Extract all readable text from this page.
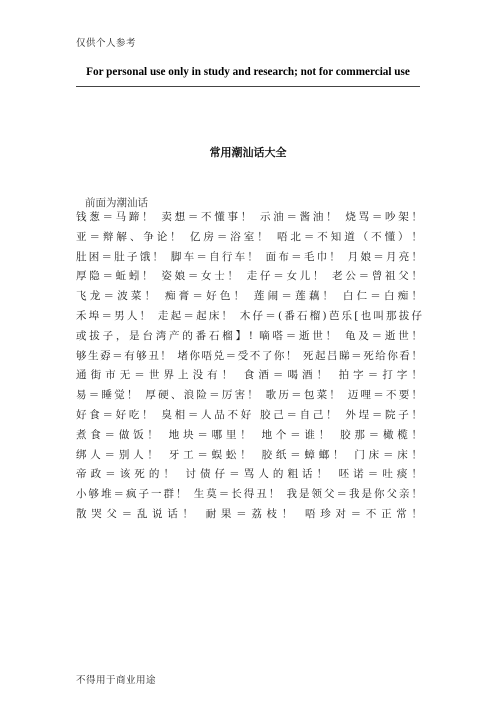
仅供个人参考
For personal use only in study and research; not for commercial use
常用潮汕话大全
前面为潮汕话
钱葱＝马蹄！ 卖想＝不懂事！ 示油＝酱油！ 烧骂＝吵架！
亚＝辩解、争论！ 亿房＝浴室！ 唔北＝不知道（不懂）！
肚困＝肚子饿！ 脚车＝自行车！ 面布＝毛巾！ 月娘＝月亮！
厚隐＝蚯蚓！ 姿娘＝女士！ 走仔＝女儿！ 老公＝曾祖父！
飞龙＝波菜！ 痴膏＝好色！ 莲闹＝莲藕！ 白仁＝白痴！
禾埠＝男人！ 走起＝起床！ 木仔＝(番石榴)芭乐[也叫那拔仔
或拔子，是台湾产的番石榴】! 嘀嗒＝逝世！ 龟及＝逝世！
够生孬＝有够丑！ 堵你唔兑＝受不了你！ 死起吕睇＝死给你看！
通街市无＝世界上没有！ 食酒＝喝酒！ 拍字＝打字！
易＝睡觉！ 厚硬、浪险＝厉害！ 歌历＝包菜！ 迈哩＝不要！
好食＝好吃！ 臭相＝人品不好 胶己＝自己！ 外埕＝院子！
煮食＝做饭！ 地块＝哪里！ 地个＝谁！ 胶那＝橄榄！
绑人＝别人！ 牙工＝蜈蚣！ 胶纸＝蟑螂！ 门床＝床！
帝政＝该死的！ 讨债仔＝骂人的粗话！ 呸诺＝吐痰！
小够堆＝疯子一群！ 生莫＝长得丑！ 我是领父＝我是你父亲！
散哭父＝乱说话！ 耐果＝荔枝！ 唔珍对＝不正常！
不得用于商业用途
